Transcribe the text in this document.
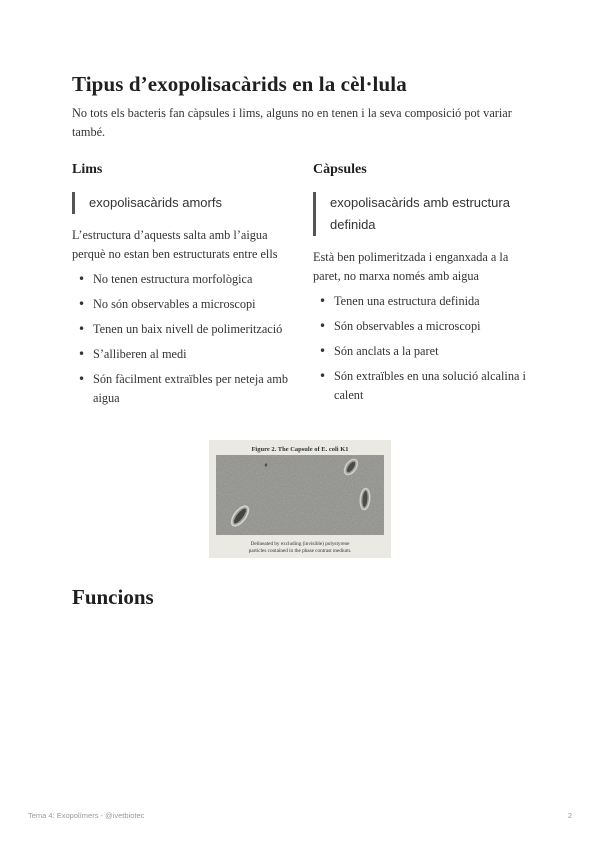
Tipus d’exopolisacàrids en la cèl·lula

No tots els bacteris fan càpsules i lims, alguns no en tenen i la seva composició pot variar també.

Lims
exopolisacàrids amorfs

L’estructura d’aquests salta amb l’aigua perquè no estan ben estructurats entre ells

• No tenen estructura morfològica
• No són observables a microscopi
• Tenen un baix nivell de polimerització
• S’alliberen al medi
• Són fàcilment extraïbles per neteja amb aigua
Càpsules
exopolisacàrids amb estructura definida

Està ben polimeritzada i enganxada a la paret, no marxa només amb aigua

• Tenen una estructura definida
• Són observables a microscopi
• Són anclats a la paret
• Són extraïbles en una solució alcalina i calent
Figure 2. The Capsule of E. coli K1
Delineated by excluding (invisible) polystyrene
particles contained in the phase contrast medium.
Funcions
Tema 4: Exopolímers - @ivetbiotec	2
